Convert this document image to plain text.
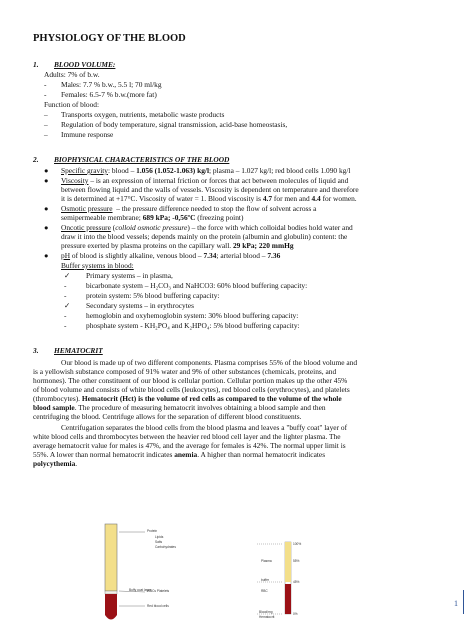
PHYSIOLOGY OF THE BLOOD
1. BLOOD VOLUME:
Adults: 7% of b.w.
- Males: 7.7 % b.w., 5.5 l; 70 ml/kg
- Females: 6.5-7 % b.w.(more fat)
Function of blood:
– Transports oxygen, nutrients, metabolic waste products
– Regulation of body temperature, signal transmission, acid-base homeostasis,
– Immune response
2. BIOPHYSICAL CHARACTERISTICS OF THE BLOOD
● Specific gravity: blood – 1.056 (1.052-1.063) kg/l; plasma – 1.027 kg/l; red blood cells 1.090 kg/l
● Viscosity – is an expression of internal friction or forces that act between molecules of liquid and
between flowing liquid and the walls of vessels. Viscosity is dependent on temperature and therefore
it is determined at +17°C. Viscosity of water = 1. Blood viscosity is 4.7 for men and 4.4 for women.
● Osmotic pressure – the pressure difference needed to stop the flow of solvent across a
semipermeable membrane; 689 kPa; -0,56ºC (freezing point)
● Oncotic pressure (colloid osmotic pressure) – the force with which colloidal bodies hold water and
draw it into the blood vessels; depends mainly on the protein (albumin and globulin) content: the
pressure exerted by plasma proteins on the capillary wall. 29 kPa; 220 mmHg
● pH of blood is slightly alkaline, venous blood – 7.34; arterial blood – 7.36
Buffer systems in blood:
✓ Primary systems – in plasma,
-	bicarbonate system – H₂CO₃ and NaHCO3: 60% blood buffering capacity:
-	protein system: 5% blood buffering capacity:
✓ Secondary systems – in erythrocytes
-	hemoglobin and oxyhemoglobin system: 30% blood buffering capacity:
-	phosphate system - KH₂PO₄ and K₂HPO₄: 5% blood buffering capacity:
3. HEMATOCRIT
Our blood is made up of two different components. Plasma comprises 55% of the blood volume and
is a yellowish substance composed of 91% water and 9% of other substances (chemicals, proteins, and
hormones). The other constituent of our blood is cellular portion. Cellular portion makes up the other 45%
of blood volume and consists of white blood cells (leukocytes), red blood cells (erythrocytes), and platelets
(thrombocytes). Hematocrit (Hct) is the volume of red cells as compared to the volume of the whole
blood sample. The procedure of measuring hematocrit involves obtaining a blood sample and then
centrifuging the blood. Centrifuge allows for the separation of different blood constituents.
Centrifugation separates the blood cells from the blood plasma and leaves a "buffy coat" layer of
white blood cells and thrombocytes between the heavier red blood cell layer and the lighter plasma. The
average hematocrit value for males is 47%, and the average for females is 42%. The normal upper limit is
55%. A lower than normal hematocrit indicates anemia. A higher than normal hematocrit indicates
polycythemia.
Protein
Lipids
Salts
Carbohydrates
Buffy coat layer
WBCs Platelets
Red blood cells
100%
Plasma	55%
buffer	45%
RBC
0%
Blood/mg
Hematocrit
1
